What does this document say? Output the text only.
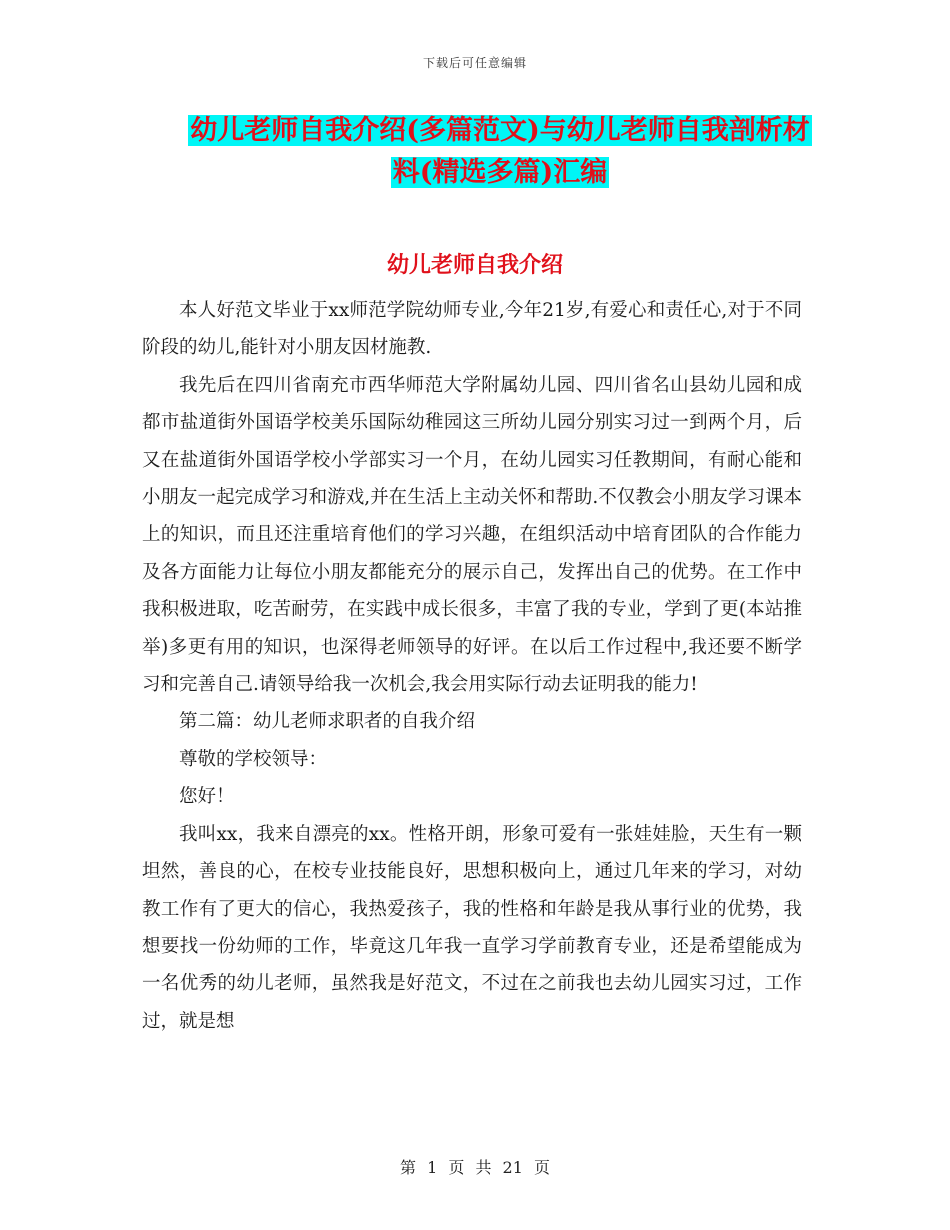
下载后可任意编辑
幼儿老师自我介绍(多篇范文)与幼儿老师自我剖析材
料(精选多篇)汇编
幼儿老师自我介绍

本人好范文毕业于xx师范学院幼师专业,今年21岁,有爱心和责任心,对于不同阶段的幼儿,能针对小朋友因材施教.

我先后在四川省南充市西华师范大学附属幼儿园、四川省名山县幼儿园和成都市盐道街外国语学校美乐国际幼稚园这三所幼儿园分别实习过一到两个月，后又在盐道街外国语学校小学部实习一个月，在幼儿园实习任教期间，有耐心能和小朋友一起完成学习和游戏,并在生活上主动关怀和帮助.不仅教会小朋友学习课本上的知识，而且还注重培育他们的学习兴趣，在组织活动中培育团队的合作能力及各方面能力让每位小朋友都能充分的展示自己，发挥出自己的优势。在工作中我积极进取，吃苦耐劳，在实践中成长很多，丰富了我的专业，学到了更(本站推举)多更有用的知识，也深得老师领导的好评。在以后工作过程中,我还要不断学习和完善自己.请领导给我一次机会,我会用实际行动去证明我的能力!

第二篇：幼儿老师求职者的自我介绍

尊敬的学校领导：

您好！

我叫xx，我来自漂亮的xx。性格开朗，形象可爱有一张娃娃脸，天生有一颗坦然，善良的心，在校专业技能良好，思想积极向上，通过几年来的学习，对幼教工作有了更大的信心，我热爱孩子，我的性格和年龄是我从事行业的优势，我想要找一份幼师的工作，毕竟这几年我一直学习学前教育专业，还是希望能成为一名优秀的幼儿老师，虽然我是好范文，不过在之前我也去幼儿园实习过，工作过，就是想

第 1 页 共 21 页
